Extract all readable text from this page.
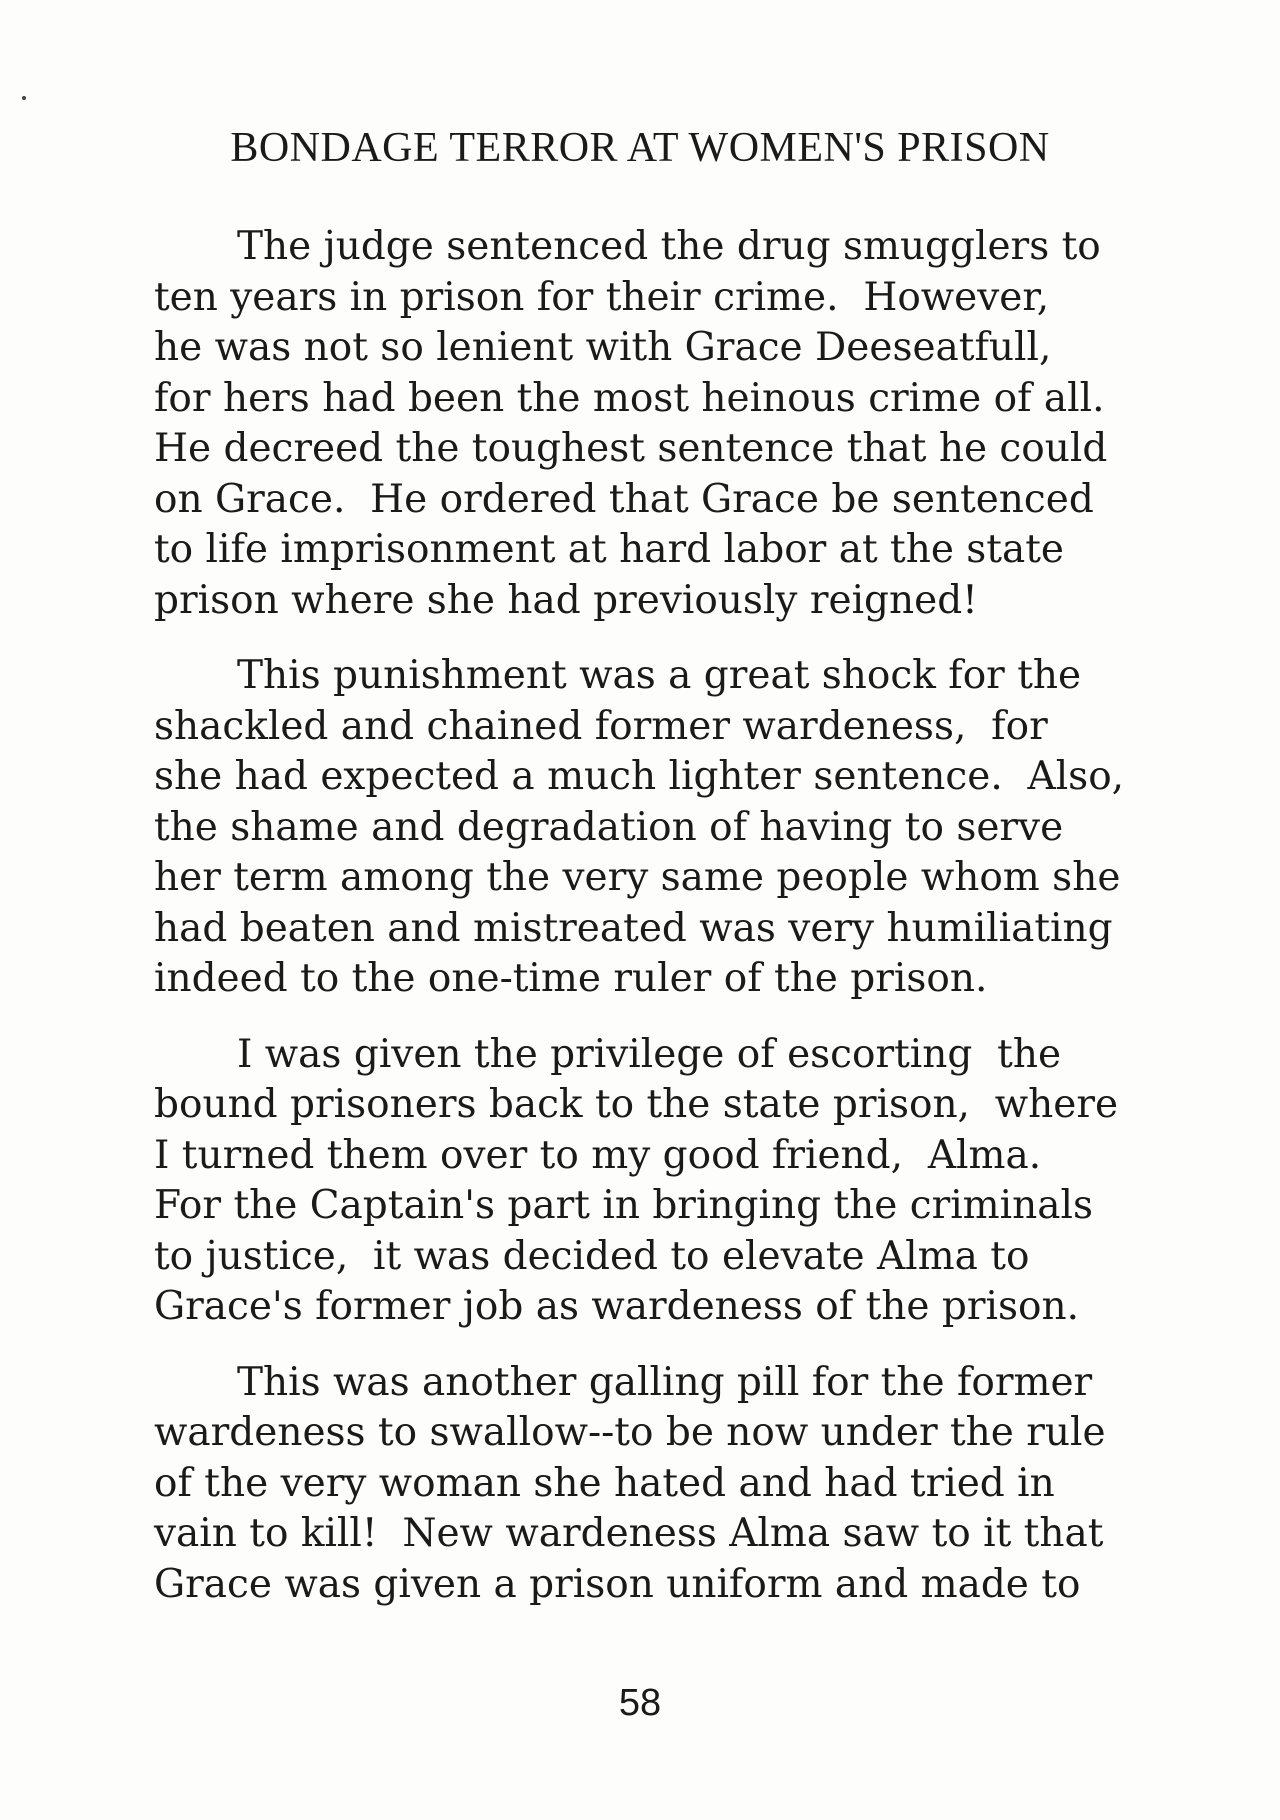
BONDAGE TERROR AT WOMEN'S PRISON

The judge sentenced the drug smugglers to
ten years in prison for their crime.  However,
he was not so lenient with Grace Deeseatfull,
for hers had been the most heinous crime of all.
He decreed the toughest sentence that he could
on Grace.  He ordered that Grace be sentenced
to life imprisonment at hard labor at the state
prison where she had previously reigned!

This punishment was a great shock for the
shackled and chained former wardeness,  for
she had expected a much lighter sentence.  Also,
the shame and degradation of having to serve
her term among the very same people whom she
had beaten and mistreated was very humiliating
indeed to the one-time ruler of the prison.

I was given the privilege of escorting  the
bound prisoners back to the state prison,  where
I turned them over to my good friend,  Alma.
For the Captain's part in bringing the criminals
to justice,  it was decided to elevate Alma to
Grace's former job as wardeness of the prison.

This was another galling pill for the former
wardeness to swallow--to be now under the rule
of the very woman she hated and had tried in
vain to kill!  New wardeness Alma saw to it that
Grace was given a prison uniform and made to

58
